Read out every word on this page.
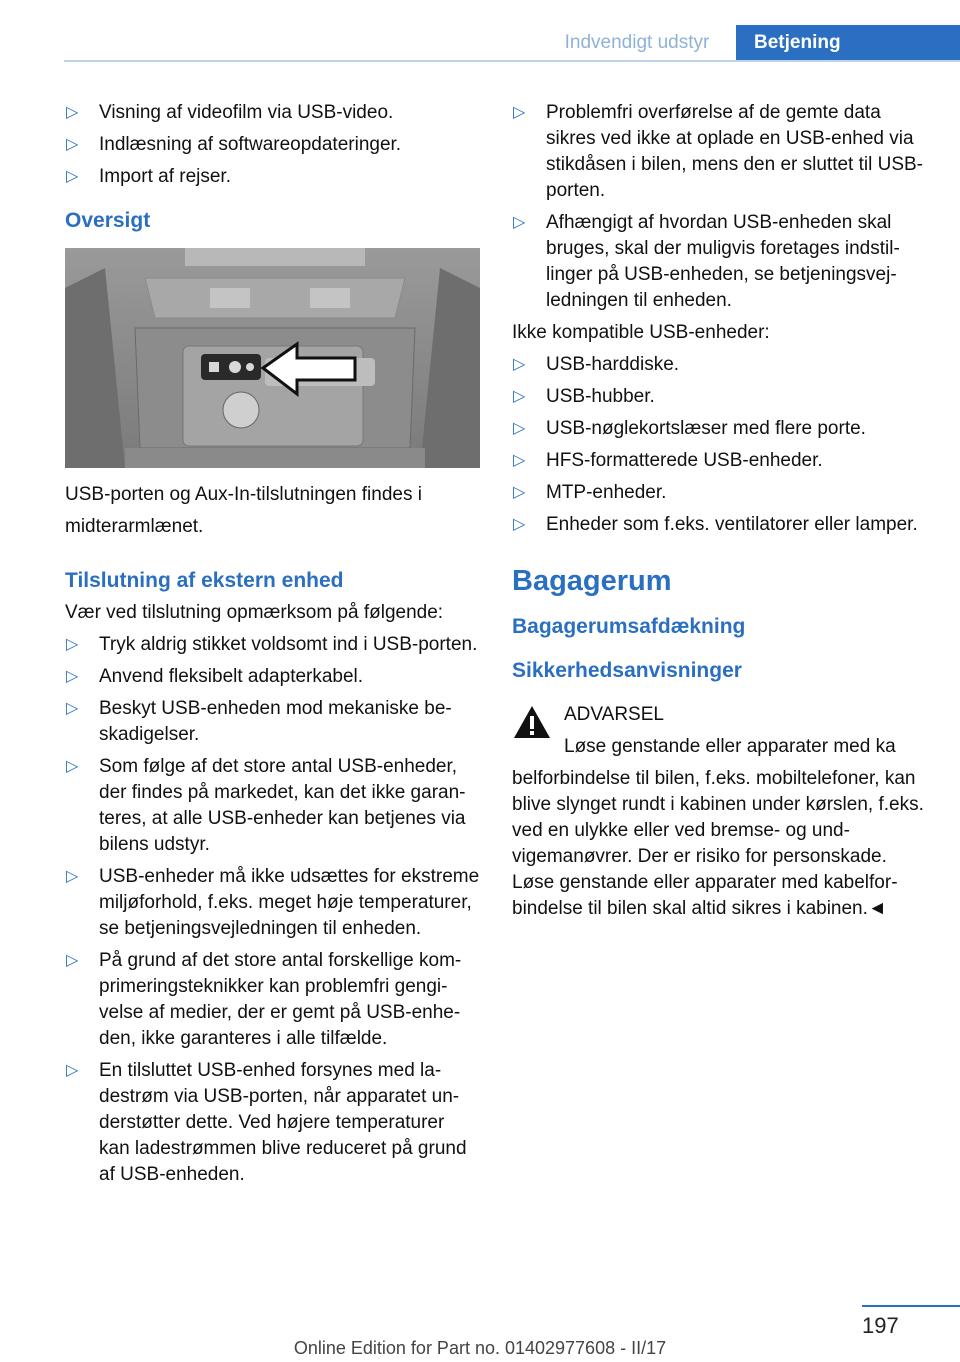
Indvendigt udstyr	Betjening
▷ Visning af videofilm via USB-video.
▷ Indlæsning af softwareopdateringer.
▷ Import af rejser.
Oversigt

USB-porten og Aux-In-tilslutningen findes i

midterarmlænet.

Tilslutning af ekstern enhed

Vær ved tilslutning opmærksom på følgende:

▷ Tryk aldrig stikket voldsomt ind i USB-porten.
▷ Anvend fleksibelt adapterkabel.
▷ Beskyt USB-enheden mod mekaniske beskadigelser.
▷ Som følge af det store antal USB-enheder, der findes på markedet, kan det ikke garanteres, at alle USB-enheder kan betjenes via bilens udstyr.
▷ USB-enheder må ikke udsættes for ekstreme miljøforhold, f.eks. meget høje temperaturer, se betjeningsvejledningen til enheden.
▷ På grund af det store antal forskellige komprimeringsteknikker kan problemfri gengivelse af medier, der er gemt på USB-enheden, ikke garanteres i alle tilfælde.
▷ En tilsluttet USB-enhed forsynes med ladestrøm via USB-porten, når apparatet understøtter dette. Ved højere temperaturer kan ladestrømmen blive reduceret på grund af USB-enheden.
▷ Problemfri overførelse af de gemte data sikres ved ikke at oplade en USB-enhed via stikdåsen i bilen, mens den er sluttet til USB-porten.
▷ Afhængigt af hvordan USB-enheden skal bruges, skal der muligvis foretages indstillinger på USB-enheden, se betjeningsvejledningen til enheden.

Ikke kompatible USB-enheder:

▷ USB-harddiske.
▷ USB-hubber.
▷ USB-nøglekortslæser med flere porte.
▷ HFS-formatterede USB-enheder.
▷ MTP-enheder.
▷ Enheder som f.eks. ventilatorer eller lamper.
Bagagerum
Bagagerumsafdækning
Sikkerhedsanvisninger

ADVARSEL

Løse genstande eller apparater med ka

belforbindelse til bilen, f.eks. mobiltelefoner, kan blive slynget rundt i kabinen under kørslen, f.eks. ved en ulykke eller ved bremse- og undvigemanøvrer. Der er risiko for personskade. Løse genstande eller apparater med kabelforbindelse til bilen skal altid sikres i kabinen.◄

197
Online Edition for Part no. 01402977608 - II/17
